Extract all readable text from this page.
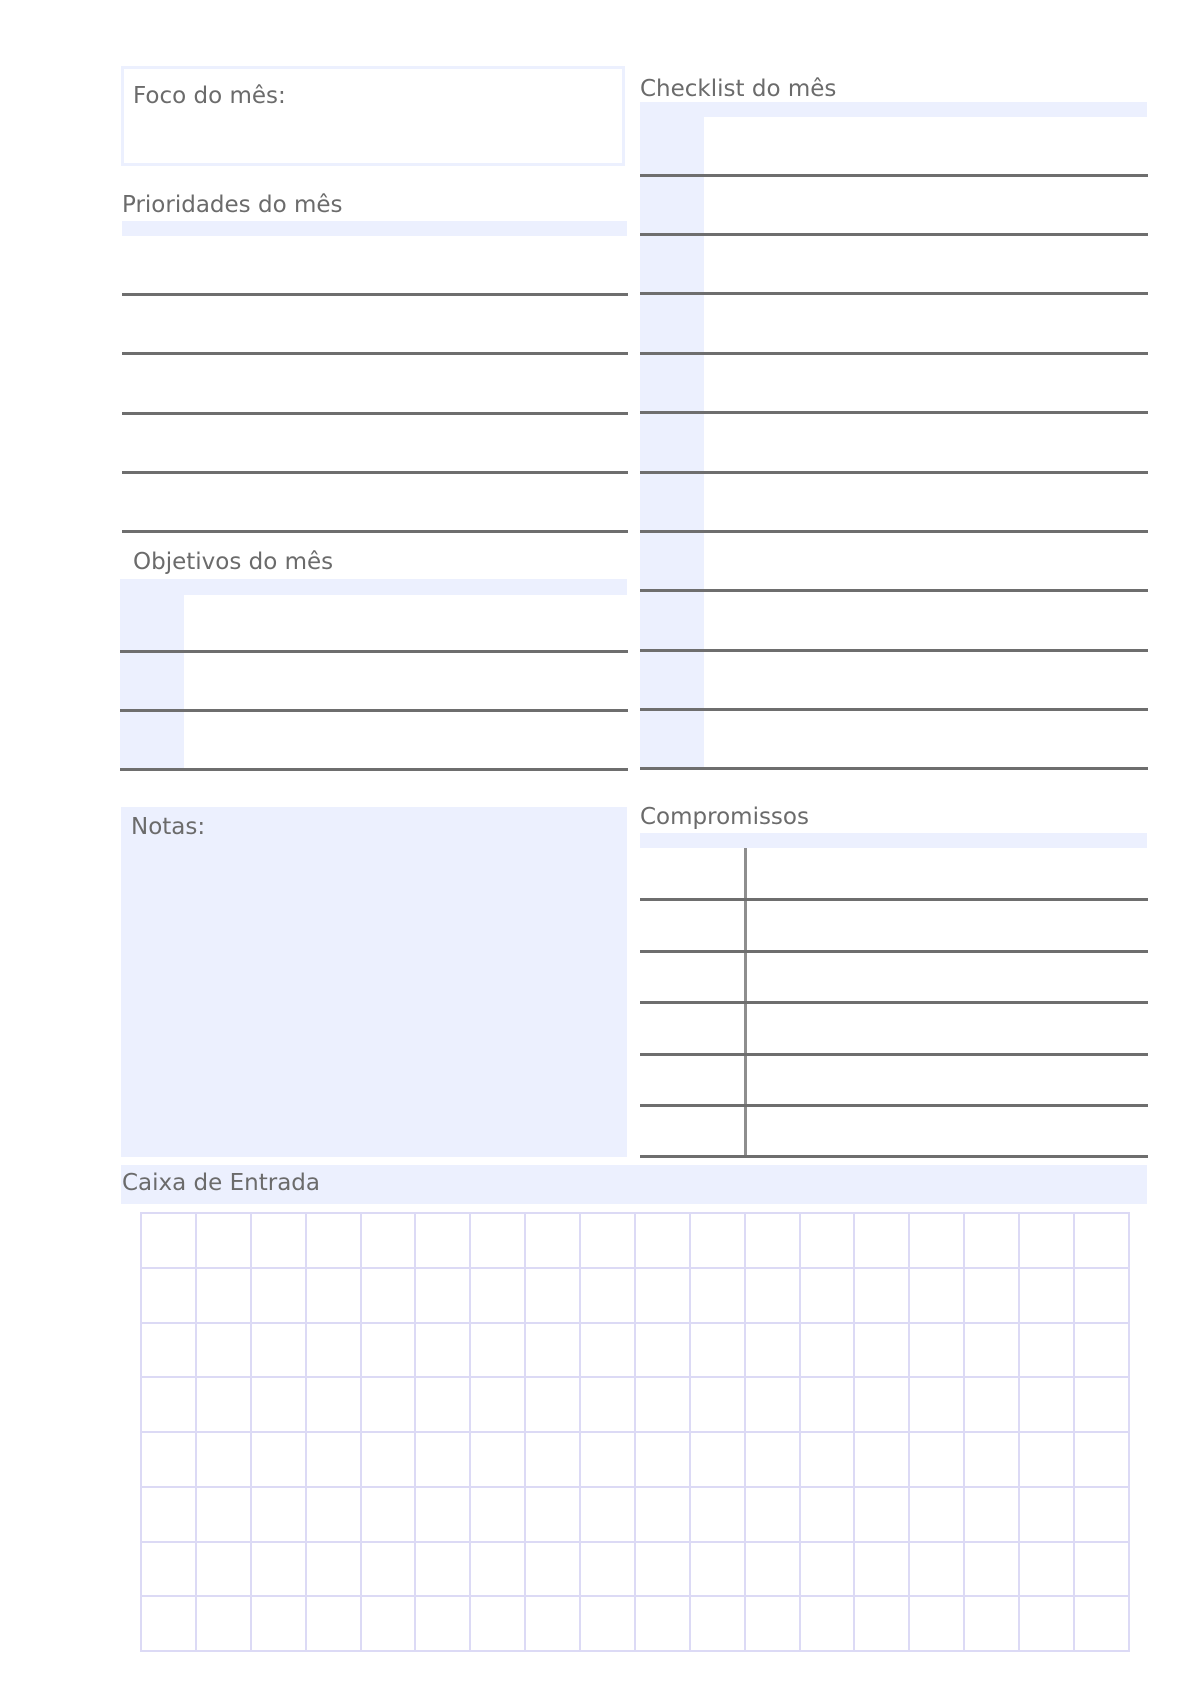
Foco do mês:
Prioridades do mês
Objetivos do mês
Checklist do mês
Notas:	Compromissos
Caixa de Entrada
